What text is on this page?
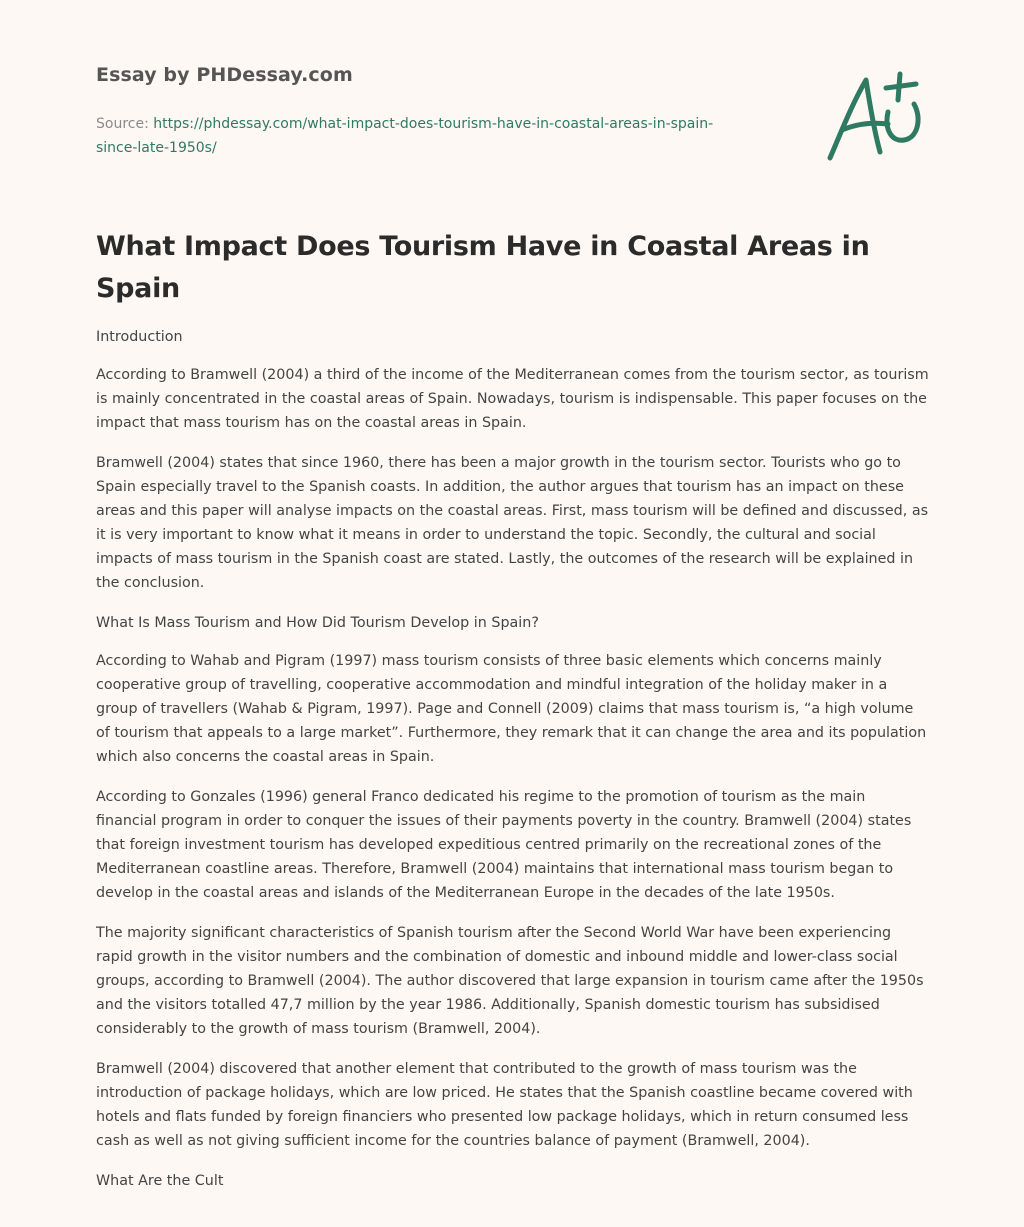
Essay by PHDessay.com

Source: https://phdessay.com/what-impact-does-tourism-have-in-coastal-areas-in-spain-since-late-1950s/

What Impact Does Tourism Have in Coastal Areas in Spain

Introduction

According to Bramwell (2004) a third of the income of the Mediterranean comes from the tourism sector, as tourism is mainly concentrated in the coastal areas of Spain. Nowadays, tourism is indispensable. This paper focuses on the impact that mass tourism has on the coastal areas in Spain.

Bramwell (2004) states that since 1960, there has been a major growth in the tourism sector. Tourists who go to Spain especially travel to the Spanish coasts. In addition, the author argues that tourism has an impact on these areas and this paper will analyse impacts on the coastal areas. First, mass tourism will be defined and discussed, as it is very important to know what it means in order to understand the topic. Secondly, the cultural and social impacts of mass tourism in the Spanish coast are stated. Lastly, the outcomes of the research will be explained in the conclusion.

What Is Mass Tourism and How Did Tourism Develop in Spain?

According to Wahab and Pigram (1997) mass tourism consists of three basic elements which concerns mainly cooperative group of travelling, cooperative accommodation and mindful integration of the holiday maker in a group of travellers (Wahab & Pigram, 1997). Page and Connell (2009) claims that mass tourism is, “a high volume of tourism that appeals to a large market”. Furthermore, they remark that it can change the area and its population which also concerns the coastal areas in Spain.

According to Gonzales (1996) general Franco dedicated his regime to the promotion of tourism as the main financial program in order to conquer the issues of their payments poverty in the country. Bramwell (2004) states that foreign investment tourism has developed expeditious centred primarily on the recreational zones of the Mediterranean coastline areas. Therefore, Bramwell (2004) maintains that international mass tourism began to develop in the coastal areas and islands of the Mediterranean Europe in the decades of the late 1950s.

The majority significant characteristics of Spanish tourism after the Second World War have been experiencing rapid growth in the visitor numbers and the combination of domestic and inbound middle and lower-class social groups, according to Bramwell (2004). The author discovered that large expansion in tourism came after the 1950s and the visitors totalled 47,7 million by the year 1986. Additionally, Spanish domestic tourism has subsidised considerably to the growth of mass tourism (Bramwell, 2004).

Bramwell (2004) discovered that another element that contributed to the growth of mass tourism was the introduction of package holidays, which are low priced. He states that the Spanish coastline became covered with hotels and flats funded by foreign financiers who presented low package holidays, which in return consumed less cash as well as not giving sufficient income for the countries balance of payment (Bramwell, 2004).

What Are the Cult
